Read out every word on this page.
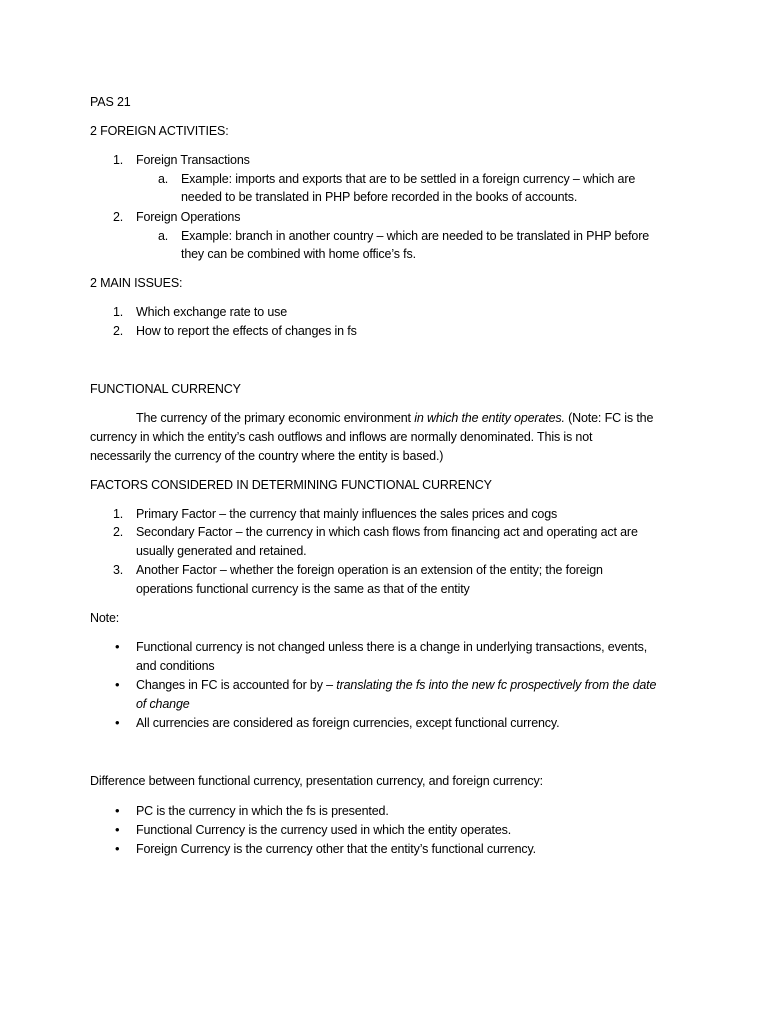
PAS 21
2 FOREIGN ACTIVITIES:
1. Foreign Transactions
a. Example: imports and exports that are to be settled in a foreign currency – which are
needed to be translated in PHP before recorded in the books of accounts.
2. Foreign Operations
a. Example: branch in another country – which are needed to be translated in PHP before
they can be combined with home office’s fs.
2 MAIN ISSUES:
1. Which exchange rate to use
2. How to report the effects of changes in fs
FUNCTIONAL CURRENCY
The currency of the primary economic environment in which the entity operates. (Note: FC is the
currency in which the entity’s cash outflows and inflows are normally denominated. This is not
necessarily the currency of the country where the entity is based.)
FACTORS CONSIDERED IN DETERMINING FUNCTIONAL CURRENCY
1. Primary Factor – the currency that mainly influences the sales prices and cogs
2. Secondary Factor – the currency in which cash flows from financing act and operating act are
usually generated and retained.
3. Another Factor – whether the foreign operation is an extension of the entity; the foreign
operations functional currency is the same as that of the entity
Note:
• Functional currency is not changed unless there is a change in underlying transactions, events,
and conditions
• Changes in FC is accounted for by – translating the fs into the new fc prospectively from the date
of change
• All currencies are considered as foreign currencies, except functional currency.
Difference between functional currency, presentation currency, and foreign currency:
• PC is the currency in which the fs is presented.
• Functional Currency is the currency used in which the entity operates.
• Foreign Currency is the currency other that the entity’s functional currency.
